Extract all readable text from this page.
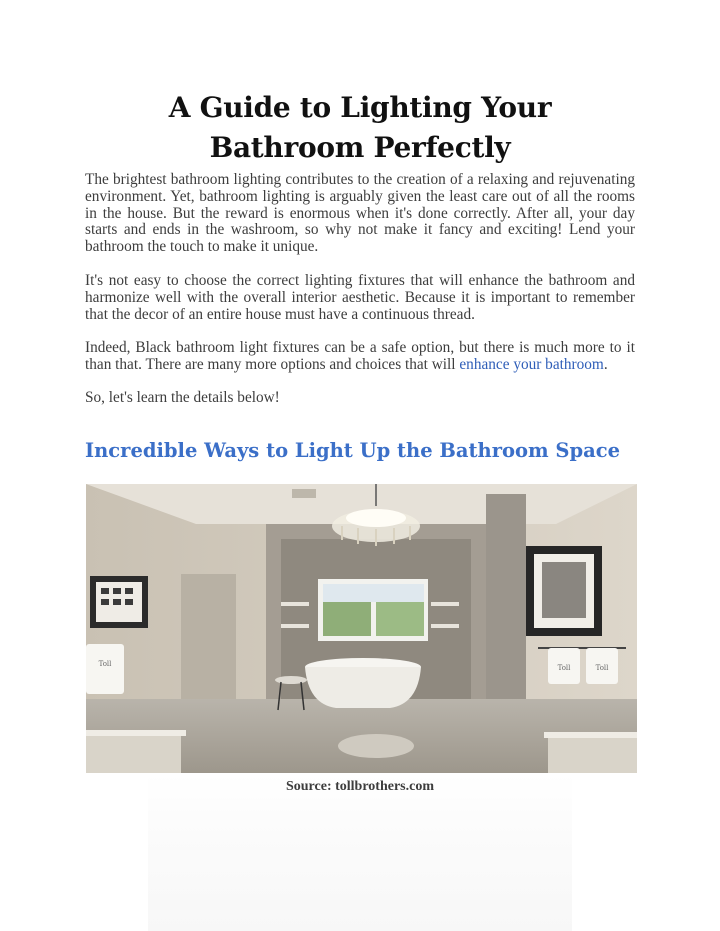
A Guide to Lighting Your
Bathroom Perfectly

The brightest bathroom lighting contributes to the creation of a relaxing and rejuvenating environment. Yet, bathroom lighting is arguably given the least care out of all the rooms in the house. But the reward is enormous when it's done correctly. After all, your day starts and ends in the washroom, so why not make it fancy and exciting! Lend your bathroom the touch to make it unique.

It's not easy to choose the correct lighting fixtures that will enhance the bathroom and harmonize well with the overall interior aesthetic. Because it is important to remember that the decor of an entire house must have a continuous thread.

Indeed, Black bathroom light fixtures can be a safe option, but there is much more to it than that. There are many more options and choices that will enhance your bathroom.

So, let's learn the details below!

Incredible Ways to Light Up the Bathroom Space
Toll	Toll	Toll

Source: tollbrothers.com
